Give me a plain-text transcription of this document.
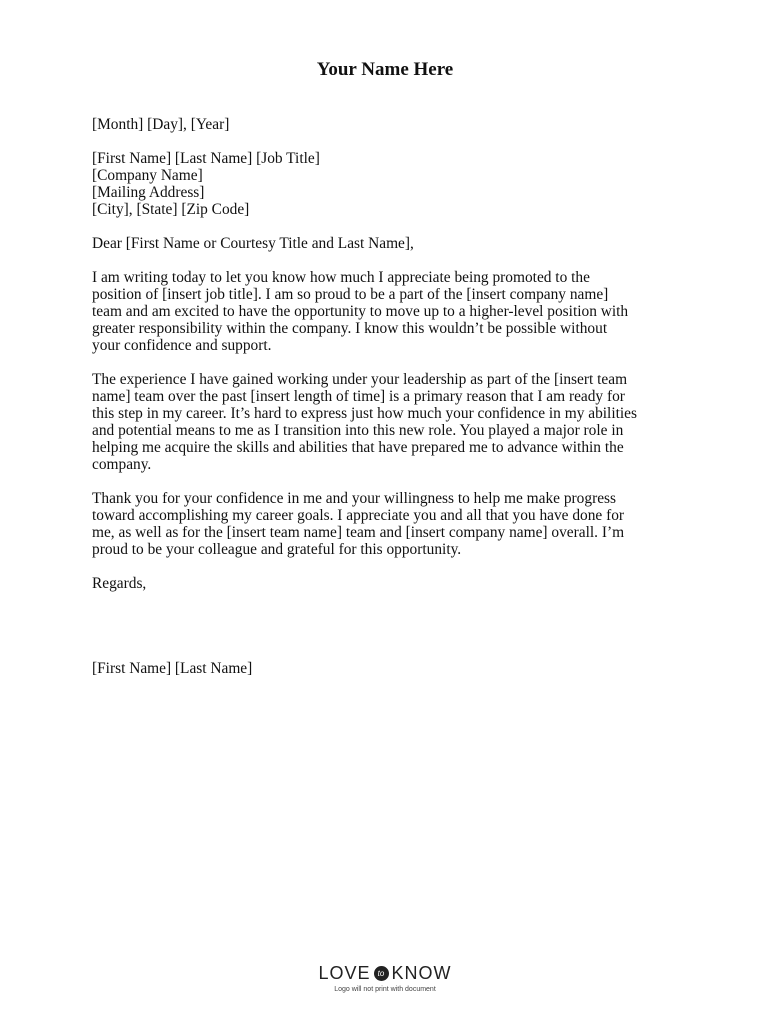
Your Name Here
[Month] [Day], [Year]
[First Name] [Last Name] [Job Title]
[Company Name]
[Mailing Address]
[City], [State] [Zip Code]
Dear [First Name or Courtesy Title and Last Name],
I am writing today to let you know how much I appreciate being promoted to the
position of [insert job title]. I am so proud to be a part of the [insert company name]
team and am excited to have the opportunity to move up to a higher-level position with
greater responsibility within the company. I know this wouldn’t be possible without
your confidence and support.
The experience I have gained working under your leadership as part of the [insert team
name] team over the past [insert length of time] is a primary reason that I am ready for
this step in my career. It’s hard to express just how much your confidence in my abilities
and potential means to me as I transition into this new role. You played a major role in
helping me acquire the skills and abilities that have prepared me to advance within the
company.
Thank you for your confidence in me and your willingness to help me make progress
toward accomplishing my career goals. I appreciate you and all that you have done for
me, as well as for the [insert team name] team and [insert company name] overall. I’m
proud to be your colleague and grateful for this opportunity.
Regards,
[First Name] [Last Name]
LOVE to KNOW
Logo will not print with document
